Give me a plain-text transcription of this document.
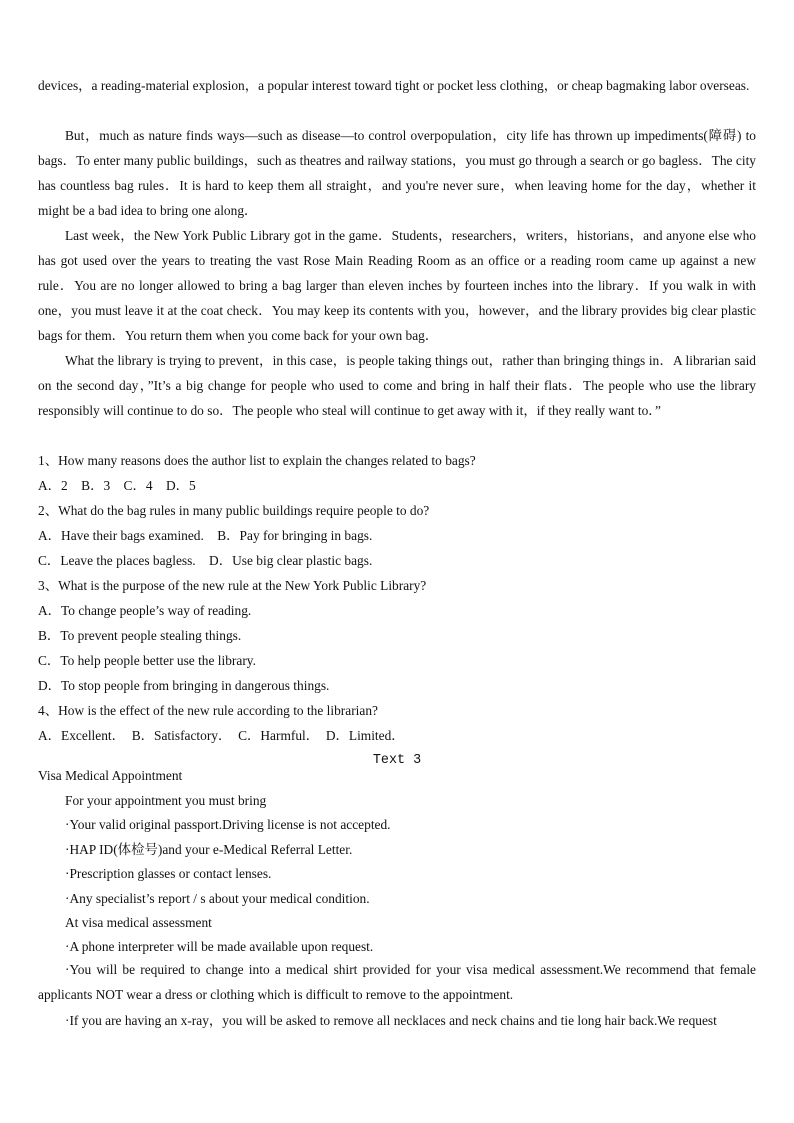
devices，a reading-material explosion，a popular interest toward tight or pocket less clothing，or cheap bagmaking labor overseas.

But，much as nature finds ways—such as disease—to control overpopulation，city life has thrown up impediments(障碍) to bags．To enter many public buildings，such as theatres and railway stations，you must go through a search or go bagless．The city has countless bag rules．It is hard to keep them all straight，and you're never sure，when leaving home for the day，whether it might be a bad idea to bring one along．

Last week，the New York Public Library got in the game．Students，researchers，writers，historians，and anyone else who has got used over the years to treating the vast Rose Main Reading Room as an office or a reading room came up against a new rule．You are no longer allowed to bring a bag larger than eleven inches by fourteen inches into the library．If you walk in with one，you must leave it at the coat check．You may keep its contents with you，however，and the library provides big clear plastic bags for them．You return them when you come back for your own bag．

What the library is trying to prevent，in this case，is people taking things out，rather than bringing things in．A librarian said on the second day，”It’s a big change for people who used to come and bring in half their flats．The people who use the library responsibly will continue to do so．The people who steal will continue to get away with it，if they really want to．”

1、How many reasons does the author list to explain the changes related to bags?

A．2　B．3　C．4　D．5

2、What do the bag rules in many public buildings require people to do?

A．Have their bags examined.　B．Pay for bringing in bags.

C．Leave the places bagless.　D．Use big clear plastic bags.

3、What is the purpose of the new rule at the New York Public Library?

A．To change people’s way of reading.

B．To prevent people stealing things.

C．To help people better use the library.

D．To stop people from bringing in dangerous things.

4、How is the effect of the new rule according to the librarian?

A．Excellent．　B．Satisfactory．　C．Harmful．　D．Limited．

Text 3

Visa Medical Appointment

For your appointment you must bring

·Your valid original passport.Driving license is not accepted.

·HAP ID(体检号)and your e-Medical Referral Letter.

·Prescription glasses or contact lenses.

·Any specialist’s report / s about your medical condition.

At visa medical assessment

·A phone interpreter will be made available upon request.

·You will be required to change into a medical shirt provided for your visa medical assessment.We recommend that female applicants NOT wear a dress or clothing which is difficult to remove to the appointment.

·If you are having an x-ray，you will be asked to remove all necklaces and neck chains and tie long hair back.We request
